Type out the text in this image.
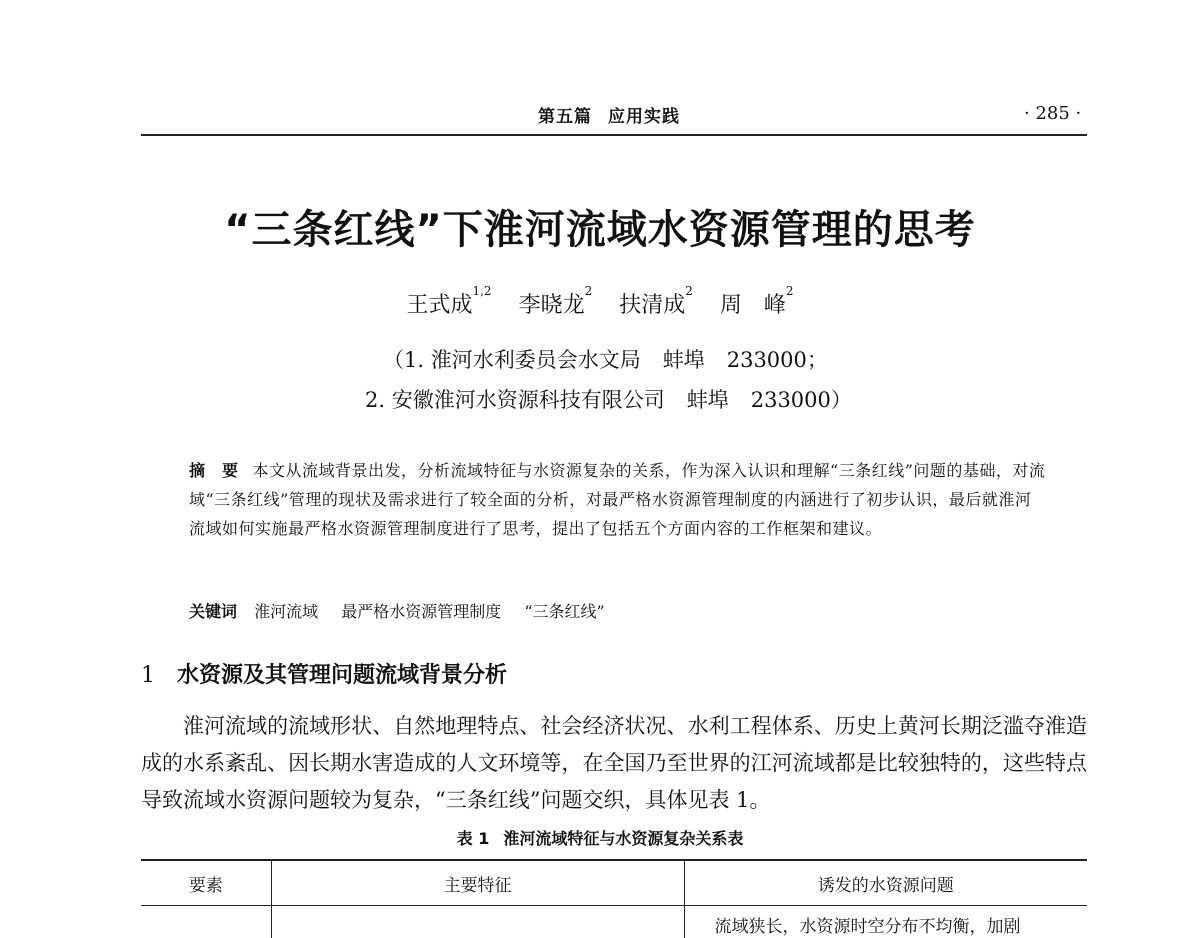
第五篇 应用实践	· 285 ·
“三条红线”下淮河流域水资源管理的思考
王式成$^{1,2}$ 李晓龙$^2$ 扶清成$^2$ 周　峰$^2$
（1. 淮河水利委员会水文局 蚌埠 233000；
2. 安徽淮河水资源科技有限公司 蚌埠 233000）
摘　要 本文从流域背景出发，分析流域特征与水资源复杂的关系，作为深入认识和理解“三条红线”问题的基础，对流域“三条红线”管理的现状及需求进行了较全面的分析，对最严格水资源管理制度的内涵进行了初步认识，最后就淮河流域如何实施最严格水资源管理制度进行了思考，提出了包括五个方面内容的工作框架和建议。
关键词 淮河流域 最严格水资源管理制度 “三条红线”
1 水资源及其管理问题流域背景分析
淮河流域的流域形状、自然地理特点、社会经济状况、水利工程体系、历史上黄河长期泛滥夺淮造成的水系紊乱、因长期水害造成的人文环境等，在全国乃至世界的江河流域都是比较独特的，这些特点导致流域水资源问题较为复杂，“三条红线”问题交织，具体见表 1。
表 1 淮河流域特征与水资源复杂关系表
要素	主要特征	诱发的水资源问题
		流域狭长，水资源时空分布不均衡，加剧
